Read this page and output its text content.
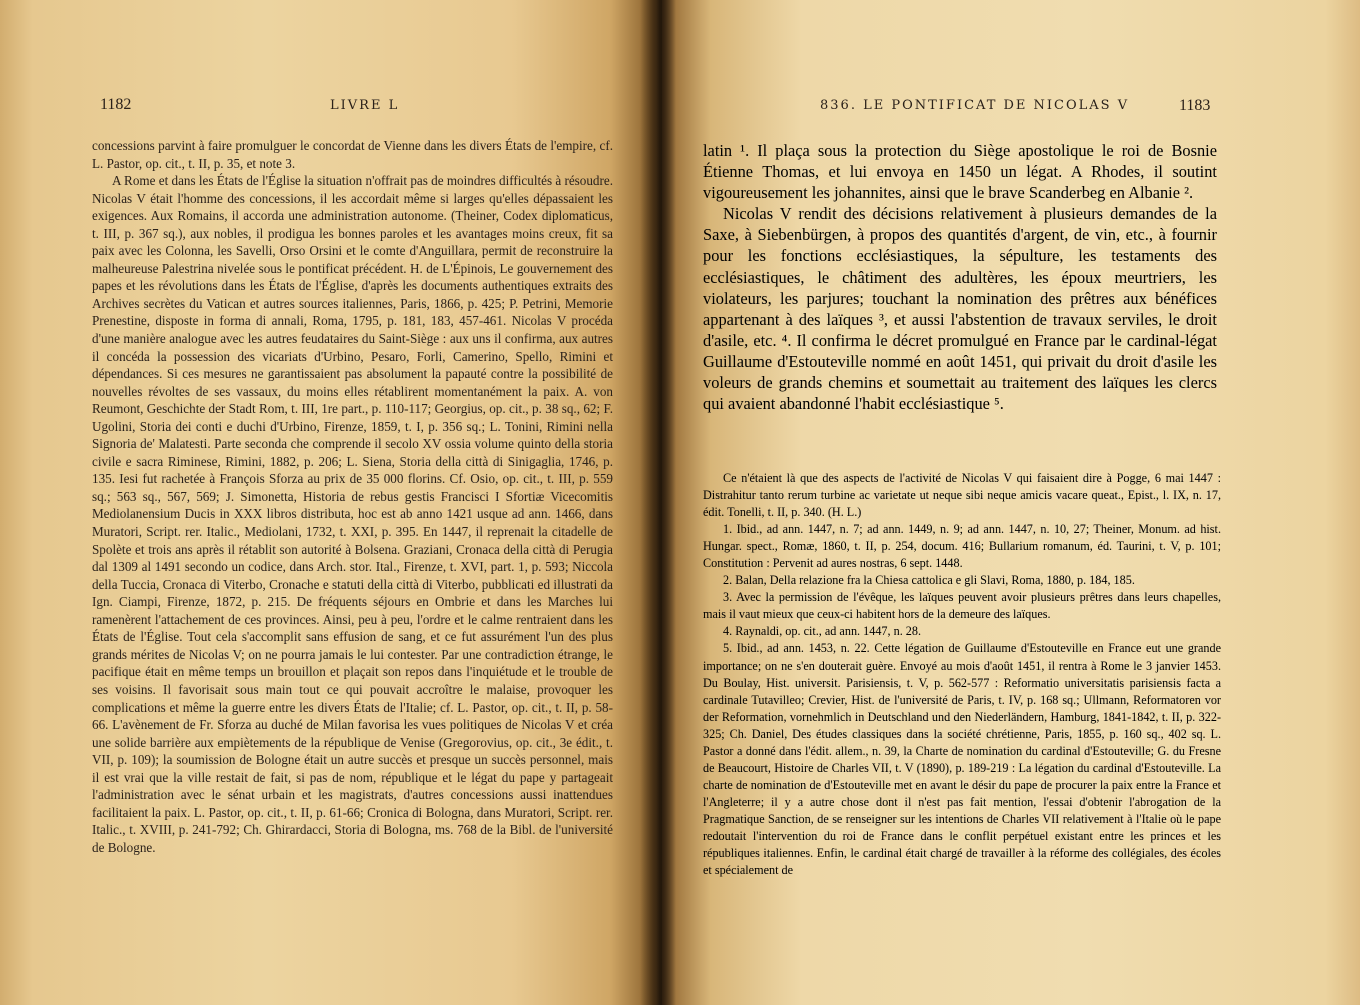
1182	LIVRE L

concessions parvint à faire promulguer le concordat de Vienne dans les divers États de l'empire, cf. L. Pastor, op. cit., t. II, p. 35, et note 3.

A Rome et dans les États de l'Église la situation n'offrait pas de moindres difficultés à résoudre. Nicolas V était l'homme des concessions, il les accordait même si larges qu'elles dépassaient les exigences. Aux Romains, il accorda une administration autonome. (Theiner, Codex diplomaticus, t. III, p. 367 sq.), aux nobles, il prodigua les bonnes paroles et les avantages moins creux, fit sa paix avec les Colonna, les Savelli, Orso Orsini et le comte d'Anguillara, permit de reconstruire la malheureuse Palestrina nivelée sous le pontificat précédent. H. de L'Épinois, Le gouvernement des papes et les révolutions dans les États de l'Église, d'après les documents authentiques extraits des Archives secrètes du Vatican et autres sources italiennes, Paris, 1866, p. 425; P. Petrini, Memorie Prenestine, disposte in forma di annali, Roma, 1795, p. 181, 183, 457-461. Nicolas V procéda d'une manière analogue avec les autres feudataires du Saint-Siège : aux uns il confirma, aux autres il concéda la possession des vicariats d'Urbino, Pesaro, Forli, Camerino, Spello, Rimini et dépendances. Si ces mesures ne garantissaient pas absolument la papauté contre la possibilité de nouvelles révoltes de ses vassaux, du moins elles rétablirent momentanément la paix. A. von Reumont, Geschichte der Stadt Rom, t. III, 1re part., p. 110-117; Georgius, op. cit., p. 38 sq., 62; F. Ugolini, Storia dei conti e duchi d'Urbino, Firenze, 1859, t. I, p. 356 sq.; L. Tonini, Rimini nella Signoria de' Malatesti. Parte seconda che comprende il secolo XV ossia volume quinto della storia civile e sacra Riminese, Rimini, 1882, p. 206; L. Siena, Storia della città di Sinigaglia, 1746, p. 135. Iesi fut rachetée à François Sforza au prix de 35 000 florins. Cf. Osio, op. cit., t. III, p. 559 sq.; 563 sq., 567, 569; J. Simonetta, Historia de rebus gestis Francisci I Sfortiæ Vicecomitis Mediolanensium Ducis in XXX libros distributa, hoc est ab anno 1421 usque ad ann. 1466, dans Muratori, Script. rer. Italic., Mediolani, 1732, t. XXI, p. 395. En 1447, il reprenait la citadelle de Spolète et trois ans après il rétablit son autorité à Bolsena. Graziani, Cronaca della città di Perugia dal 1309 al 1491 secondo un codice, dans Arch. stor. Ital., Firenze, t. XVI, part. 1, p. 593; Niccola della Tuccia, Cronaca di Viterbo, Cronache e statuti della città di Viterbo, pubblicati ed illustrati da Ign. Ciampi, Firenze, 1872, p. 215. De fréquents séjours en Ombrie et dans les Marches lui ramenèrent l'attachement de ces provinces. Ainsi, peu à peu, l'ordre et le calme rentraient dans les États de l'Église. Tout cela s'accomplit sans effusion de sang, et ce fut assurément l'un des plus grands mérites de Nicolas V; on ne pourra jamais le lui contester. Par une contradiction étrange, le pacifique était en même temps un brouillon et plaçait son repos dans l'inquiétude et le trouble de ses voisins. Il favorisait sous main tout ce qui pouvait accroître le malaise, provoquer les complications et même la guerre entre les divers États de l'Italie; cf. L. Pastor, op. cit., t. II, p. 58-66. L'avènement de Fr. Sforza au duché de Milan favorisa les vues politiques de Nicolas V et créa une solide barrière aux empiètements de la république de Venise (Gregorovius, op. cit., 3e édit., t. VII, p. 109); la soumission de Bologne était un autre succès et presque un succès personnel, mais il est vrai que la ville restait de fait, si pas de nom, république et le légat du pape y partageait l'administration avec le sénat urbain et les magistrats, d'autres concessions aussi inattendues facilitaient la paix. L. Pastor, op. cit., t. II, p. 61-66; Cronica di Bologna, dans Muratori, Script. rer. Italic., t. XVIII, p. 241-792; Ch. Ghirardacci, Storia di Bologna, ms. 768 de la Bibl. de l'université de Bologne.

836. LE PONTIFICAT DE NICOLAS V	1183

latin ¹. Il plaça sous la protection du Siège apostolique le roi de Bosnie Étienne Thomas, et lui envoya en 1450 un légat. A Rhodes, il soutint vigoureusement les johannites, ainsi que le brave Scanderbeg en Albanie ².

Nicolas V rendit des décisions relativement à plusieurs demandes de la Saxe, à Siebenbürgen, à propos des quantités d'argent, de vin, etc., à fournir pour les fonctions ecclésiastiques, la sépulture, les testaments des ecclésiastiques, le châtiment des adultères, les époux meurtriers, les violateurs, les parjures; touchant la nomination des prêtres aux bénéfices appartenant à des laïques ³, et aussi l'abstention de travaux serviles, le droit d'asile, etc. ⁴. Il confirma le décret promulgué en France par le cardinal-légat Guillaume d'Estouteville nommé en août 1451, qui privait du droit d'asile les voleurs de grands chemins et soumettait au traitement des laïques les clercs qui avaient abandonné l'habit ecclésiastique ⁵.

Ce n'étaient là que des aspects de l'activité de Nicolas V qui faisaient dire à Pogge, 6 mai 1447 : Distrahitur tanto rerum turbine ac varietate ut neque sibi neque amicis vacare queat., Epist., l. IX, n. 17, édit. Tonelli, t. II, p. 340. (H. L.)

1. Ibid., ad ann. 1447, n. 7; ad ann. 1449, n. 9; ad ann. 1447, n. 10, 27; Theiner, Monum. ad hist. Hungar. spect., Romæ, 1860, t. II, p. 254, docum. 416; Bullarium romanum, éd. Taurini, t. V, p. 101; Constitution : Pervenit ad aures nostras, 6 sept. 1448.

2. Balan, Della relazione fra la Chiesa cattolica e gli Slavi, Roma, 1880, p. 184, 185.

3. Avec la permission de l'évêque, les laïques peuvent avoir plusieurs prêtres dans leurs chapelles, mais il vaut mieux que ceux-ci habitent hors de la demeure des laïques.

4. Raynaldi, op. cit., ad ann. 1447, n. 28.

5. Ibid., ad ann. 1453, n. 22. Cette légation de Guillaume d'Estouteville en France eut une grande importance; on ne s'en douterait guère. Envoyé au mois d'août 1451, il rentra à Rome le 3 janvier 1453. Du Boulay, Hist. universit. Parisiensis, t. V, p. 562-577 : Reformatio universitatis parisiensis facta a cardinale Tutavilleo; Crevier, Hist. de l'université de Paris, t. IV, p. 168 sq.; Ullmann, Reformatoren vor der Reformation, vornehmlich in Deutschland und den Niederländern, Hamburg, 1841-1842, t. II, p. 322-325; Ch. Daniel, Des études classiques dans la société chrétienne, Paris, 1855, p. 160 sq., 402 sq. L. Pastor a donné dans l'édit. allem., n. 39, la Charte de nomination du cardinal d'Estouteville; G. du Fresne de Beaucourt, Histoire de Charles VII, t. V (1890), p. 189-219 : La légation du cardinal d'Estouteville. La charte de nomination de d'Estouteville met en avant le désir du pape de procurer la paix entre la France et l'Angleterre; il y a autre chose dont il n'est pas fait mention, l'essai d'obtenir l'abrogation de la Pragmatique Sanction, de se renseigner sur les intentions de Charles VII relativement à l'Italie où le pape redoutait l'intervention du roi de France dans le conflit perpétuel existant entre les princes et les républiques italiennes. Enfin, le cardinal était chargé de travailler à la réforme des collégiales, des écoles et spécialement de
